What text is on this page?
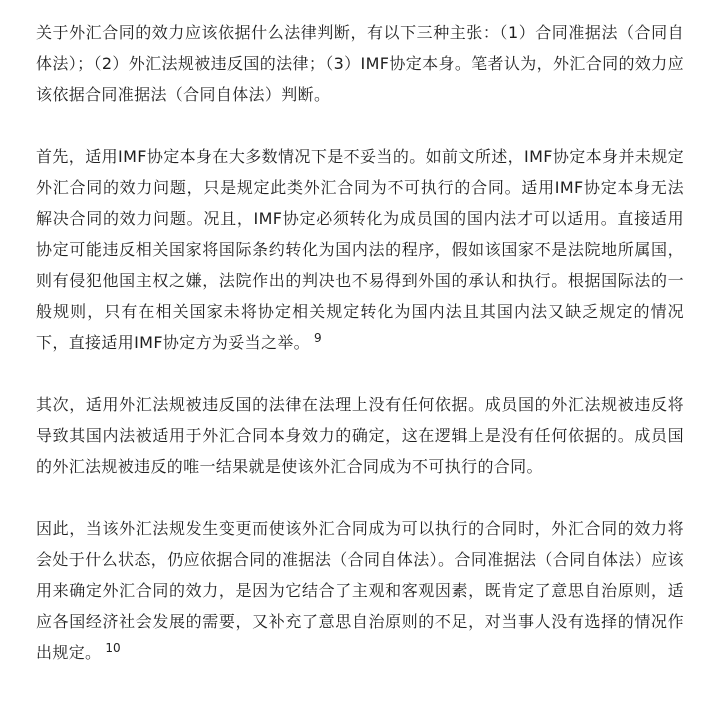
关于外汇合同的效力应该依据什么法律判断，有以下三种主张：（1）合同准据法（合同自体法）；（2）外汇法规被违反国的法律；（3）IMF协定本身。笔者认为，外汇合同的效力应该依据合同准据法（合同自体法）判断。

首先，适用IMF协定本身在大多数情况下是不妥当的。如前文所述，IMF协定本身并未规定外汇合同的效力问题，只是规定此类外汇合同为不可执行的合同。适用IMF协定本身无法解决合同的效力问题。况且，IMF协定必须转化为成员国的国内法才可以适用。直接适用协定可能违反相关国家将国际条约转化为国内法的程序，假如该国家不是法院地所属国，则有侵犯他国主权之嫌，法院作出的判决也不易得到外国的承认和执行。根据国际法的一般规则，只有在相关国家未将协定相关规定转化为国内法且其国内法又缺乏规定的情况下，直接适用IMF协定方为妥当之举。 $^9$

其次，适用外汇法规被违反国的法律在法理上没有任何依据。成员国的外汇法规被违反将导致其国内法被适用于外汇合同本身效力的确定，这在逻辑上是没有任何依据的。成员国的外汇法规被违反的唯一结果就是使该外汇合同成为不可执行的合同。

因此，当该外汇法规发生变更而使该外汇合同成为可以执行的合同时，外汇合同的效力将会处于什么状态，仍应依据合同的准据法（合同自体法）。合同准据法（合同自体法）应该用来确定外汇合同的效力，是因为它结合了主观和客观因素，既肯定了意思自治原则，适应各国经济社会发展的需要，又补充了意思自治原则的不足，对当事人没有选择的情况作出规定。 $^{10}$
